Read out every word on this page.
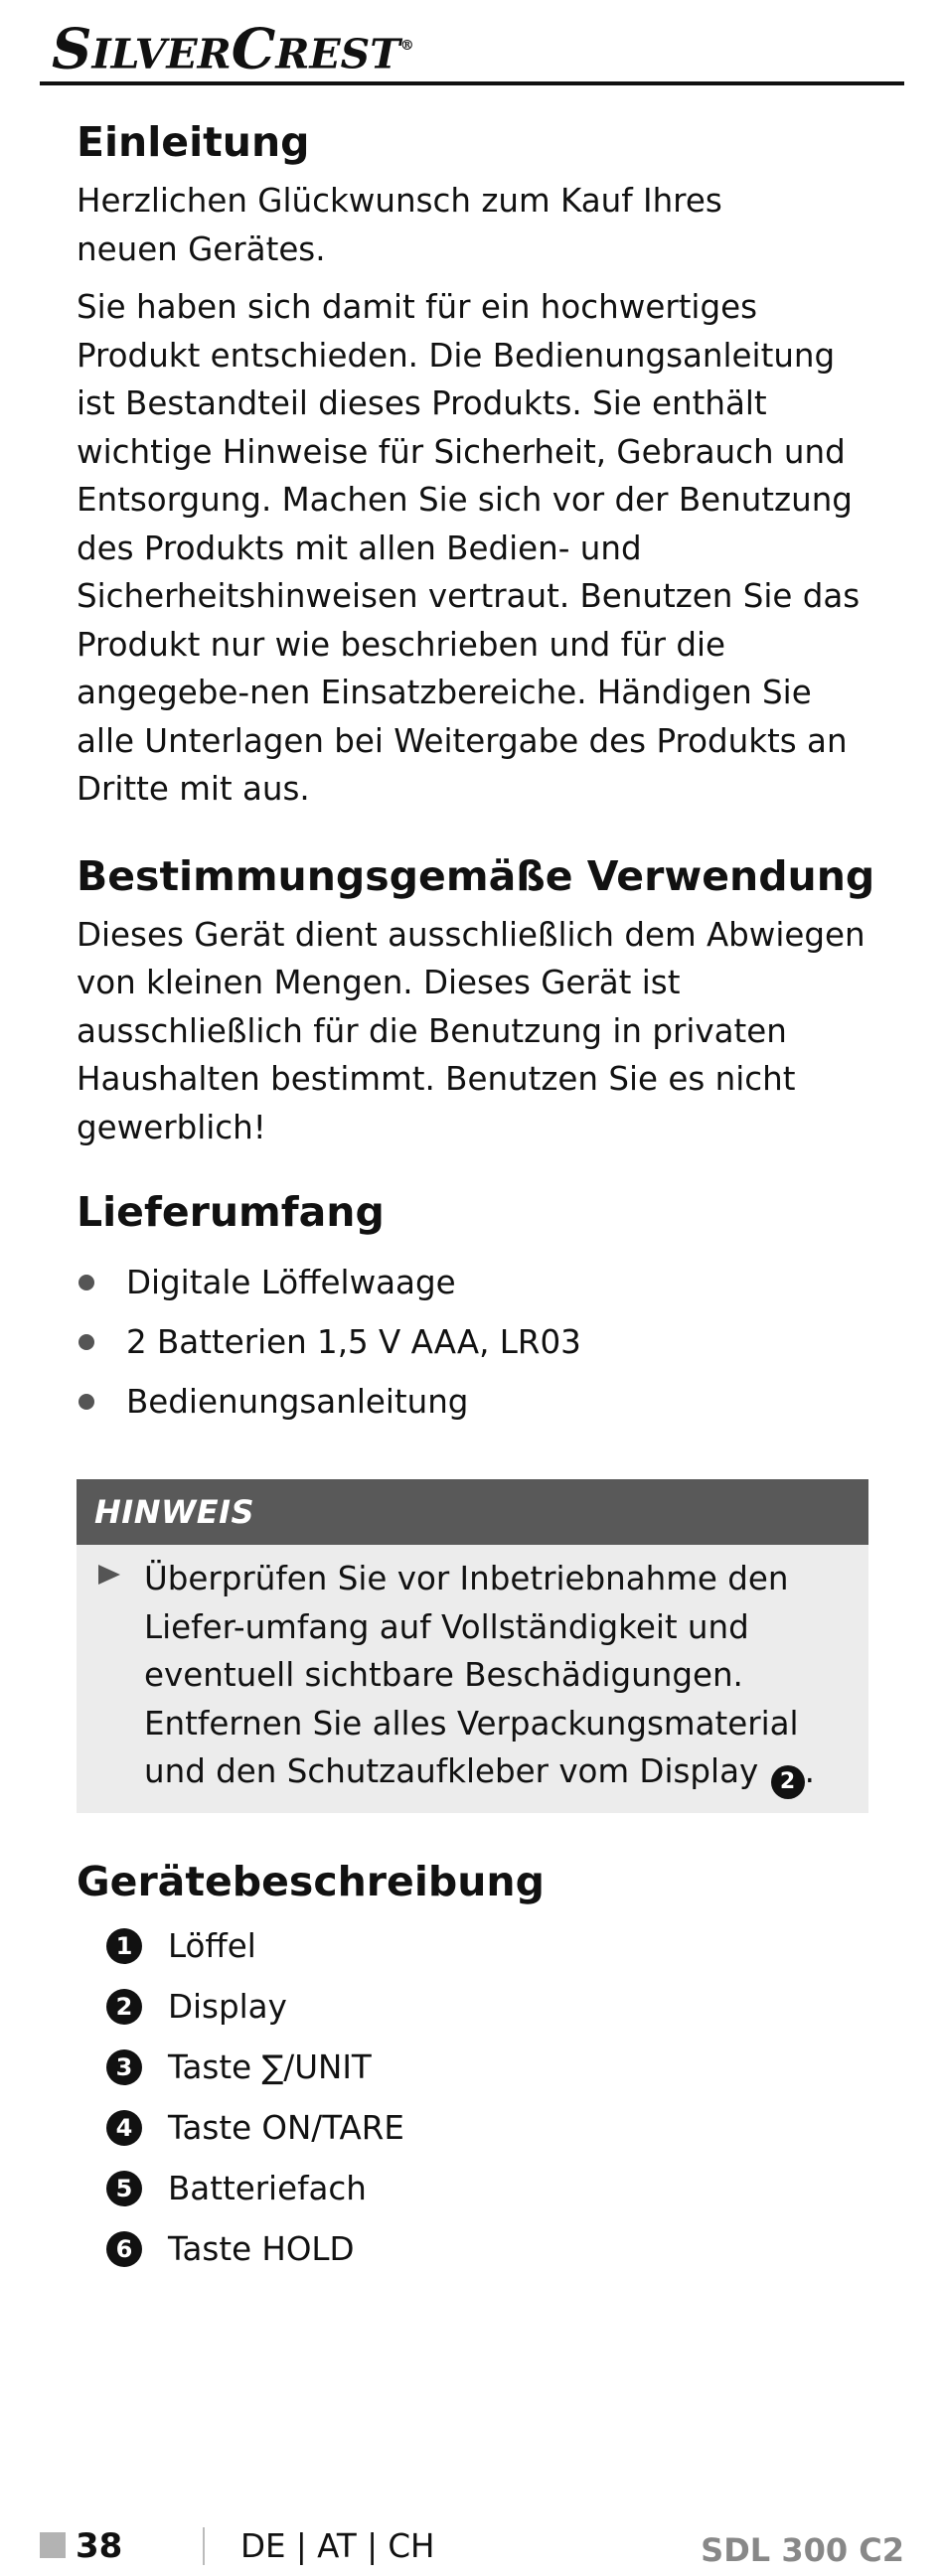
SILVERCREST®
Einleitung

Herzlichen Glückwunsch zum Kauf Ihres neuen Gerätes.

Sie haben sich damit für ein hochwertiges Produkt entschieden. Die Bedienungsanleitung ist Bestandteil dieses Produkts. Sie enthält wichtige Hinweise für Sicherheit, Gebrauch und Entsorgung. Machen Sie sich vor der Benutzung des Produkts mit allen Bedien- und Sicherheitshinweisen vertraut. Benutzen Sie das Produkt nur wie beschrieben und für die angegebe-nen Einsatzbereiche. Händigen Sie alle Unterlagen bei Weitergabe des Produkts an Dritte mit aus.

Bestimmungsgemäße Verwendung

Dieses Gerät dient ausschließlich dem Abwiegen von kleinen Mengen. Dieses Gerät ist ausschließlich für die Benutzung in privaten Haushalten bestimmt. Benutzen Sie es nicht gewerblich!

Lieferumfang
Digitale Löffelwaage
2 Batterien 1,5 V AAA, LR03
Bedienungsanleitung
HINWEIS

Überprüfen Sie vor Inbetriebnahme den Liefer-umfang auf Vollständigkeit und eventuell sichtbare Beschädigungen. Entfernen Sie alles Verpackungsmaterial und den Schutzaufkleber vom Display 2 .

Gerätebeschreibung
1 Löffel
2 Display
3 Taste ∑/UNIT
4 Taste ON/TARE
5 Batteriefach
6 Taste HOLD
38	DE | AT | CH	SDL 300 C2
